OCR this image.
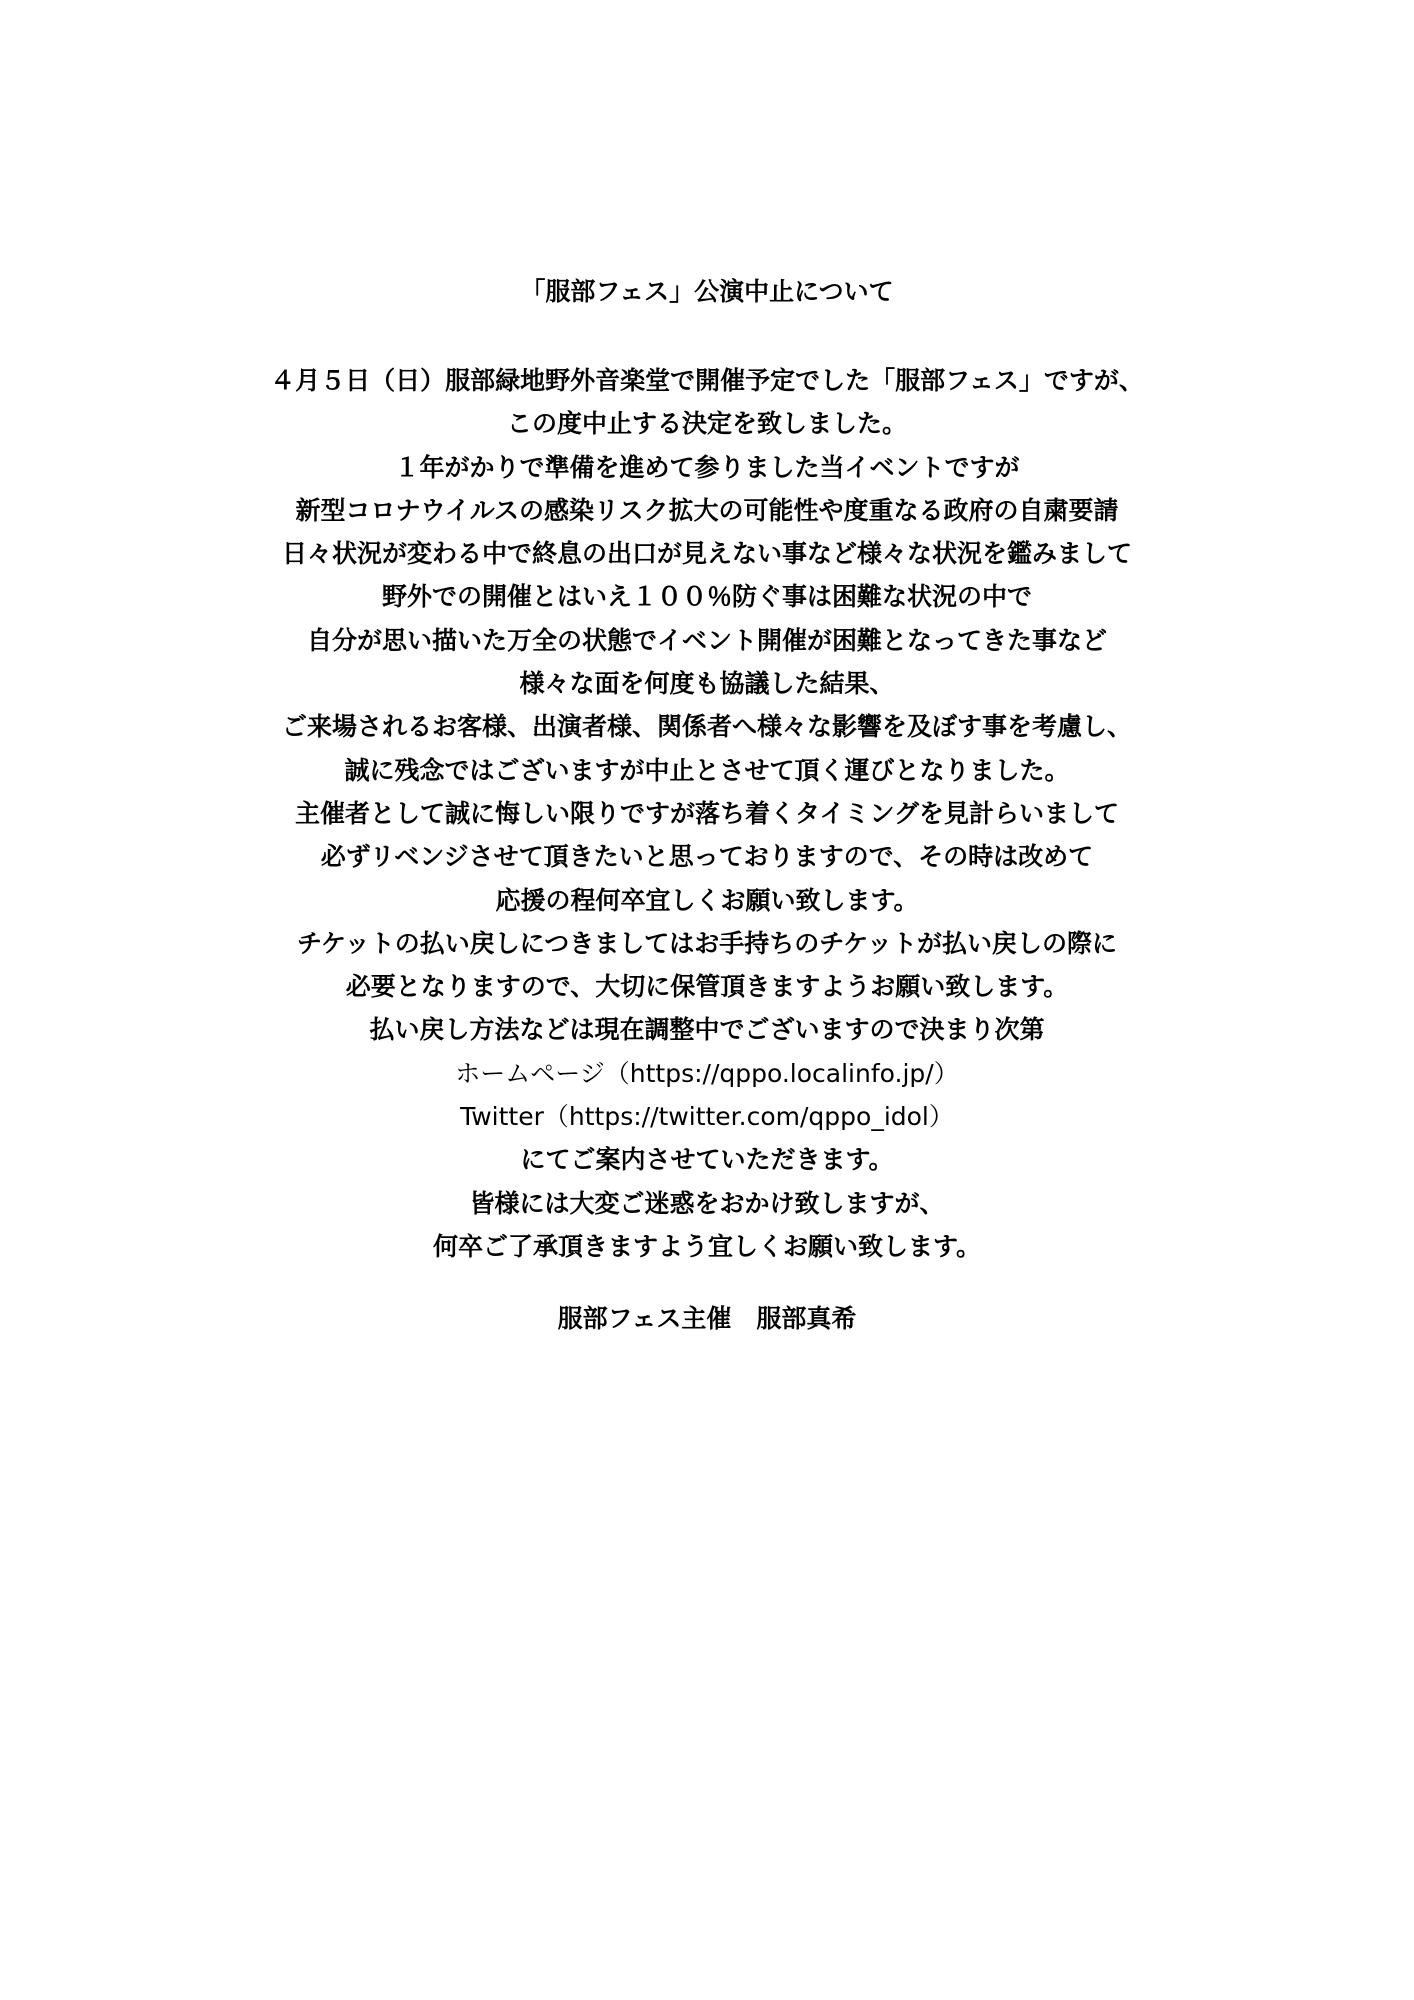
「服部フェス」公演中止について
４月５日（日）服部緑地野外音楽堂で開催予定でした「服部フェス」ですが、
この度中止する決定を致しました。
１年がかりで準備を進めて参りました当イベントですが
新型コロナウイルスの感染リスク拡大の可能性や度重なる政府の自粛要請
日々状況が変わる中で終息の出口が見えない事など様々な状況を鑑みまして
野外での開催とはいえ１００％防ぐ事は困難な状況の中で
自分が思い描いた万全の状態でイベント開催が困難となってきた事など
様々な面を何度も協議した結果、
ご来場されるお客様、出演者様、関係者へ様々な影響を及ぼす事を考慮し、
誠に残念ではございますが中止とさせて頂く運びとなりました。
主催者として誠に悔しい限りですが落ち着くタイミングを見計らいまして
必ずリベンジさせて頂きたいと思っておりますので、その時は改めて
応援の程何卒宜しくお願い致します。
チケットの払い戻しにつきましてはお手持ちのチケットが払い戻しの際に
必要となりますので、大切に保管頂きますようお願い致します。
払い戻し方法などは現在調整中でございますので決まり次第
ホームページ（https://qppo.localinfo.jp/）
Twitter（https://twitter.com/qppo_idol）
にてご案内させていただきます。
皆様には大変ご迷惑をおかけ致しますが、
何卒ご了承頂きますよう宜しくお願い致します。
服部フェス主催　服部真希
